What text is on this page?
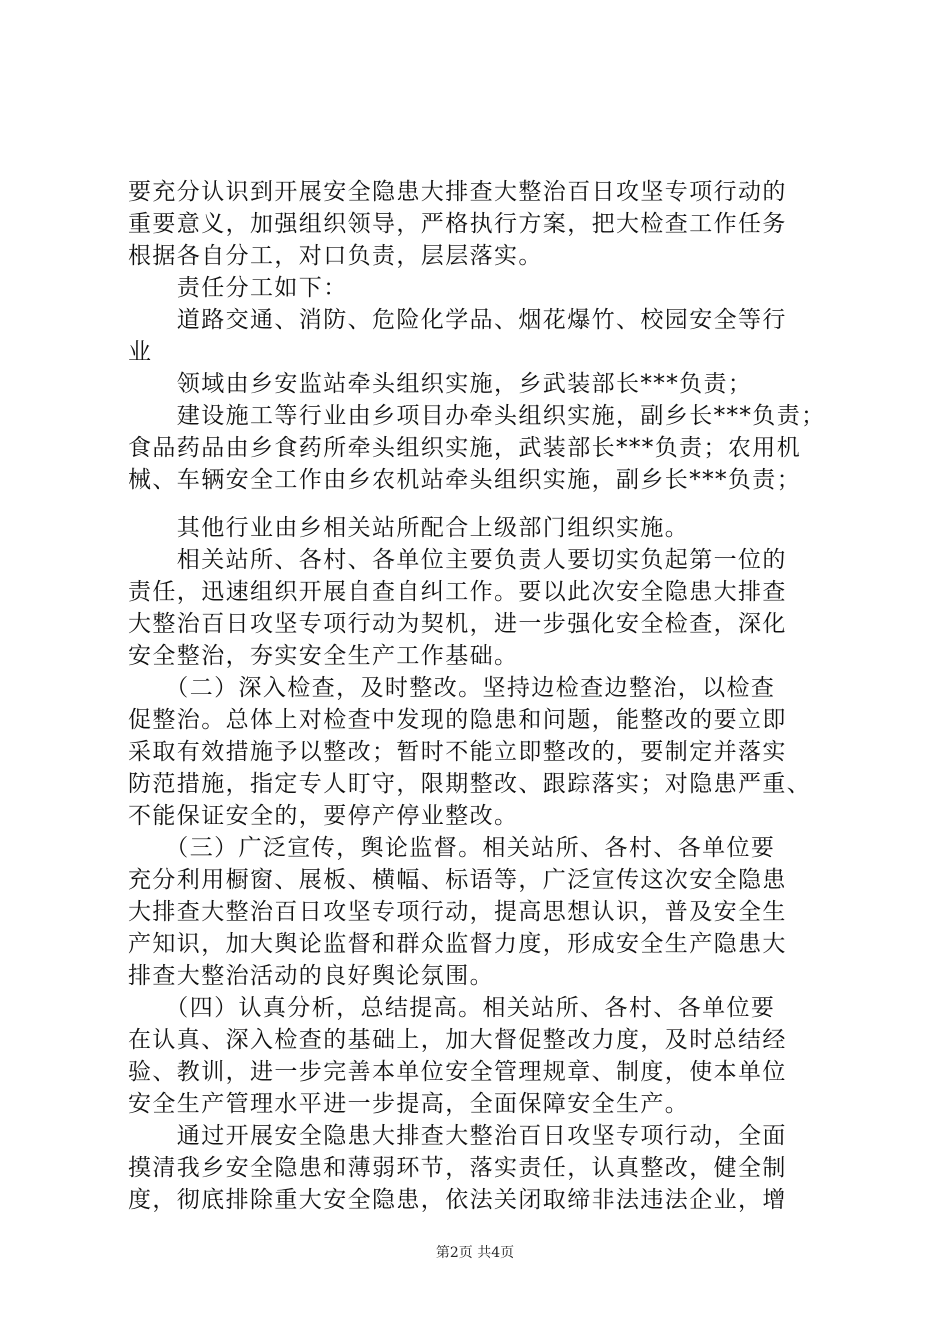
要充分认识到开展安全隐患大排查大整治百日攻坚专项行动的
重要意义，加强组织领导，严格执行方案，把大检查工作任务
根据各自分工，对口负责，层层落实。
　　责任分工如下：
　　道路交通、消防、危险化学品、烟花爆竹、校园安全等行
业
　　领域由乡安监站牵头组织实施，乡武装部长***负责；
　　建设施工等行业由乡项目办牵头组织实施，副乡长***负责；
食品药品由乡食药所牵头组织实施，武装部长***负责；农用机
械、车辆安全工作由乡农机站牵头组织实施，副乡长***负责；
　　其他行业由乡相关站所配合上级部门组织实施。
　　相关站所、各村、各单位主要负责人要切实负起第一位的
责任，迅速组织开展自查自纠工作。要以此次安全隐患大排查
大整治百日攻坚专项行动为契机，进一步强化安全检查，深化
安全整治，夯实安全生产工作基础。
　　（二）深入检查，及时整改。坚持边检查边整治，以检查
促整治。总体上对检查中发现的隐患和问题，能整改的要立即
采取有效措施予以整改；暂时不能立即整改的，要制定并落实
防范措施，指定专人盯守，限期整改、跟踪落实；对隐患严重、
不能保证安全的，要停产停业整改。
　　（三）广泛宣传，舆论监督。相关站所、各村、各单位要
充分利用橱窗、展板、横幅、标语等，广泛宣传这次安全隐患
大排查大整治百日攻坚专项行动，提高思想认识，普及安全生
产知识，加大舆论监督和群众监督力度，形成安全生产隐患大
排查大整治活动的良好舆论氛围。
　　（四）认真分析，总结提高。相关站所、各村、各单位要
在认真、深入检查的基础上，加大督促整改力度，及时总结经
验、教训，进一步完善本单位安全管理规章、制度，使本单位
安全生产管理水平进一步提高，全面保障安全生产。
　　通过开展安全隐患大排查大整治百日攻坚专项行动，全面
摸清我乡安全隐患和薄弱环节，落实责任，认真整改，健全制
度，彻底排除重大安全隐患，依法关闭取缔非法违法企业，增
第2页 共4页
